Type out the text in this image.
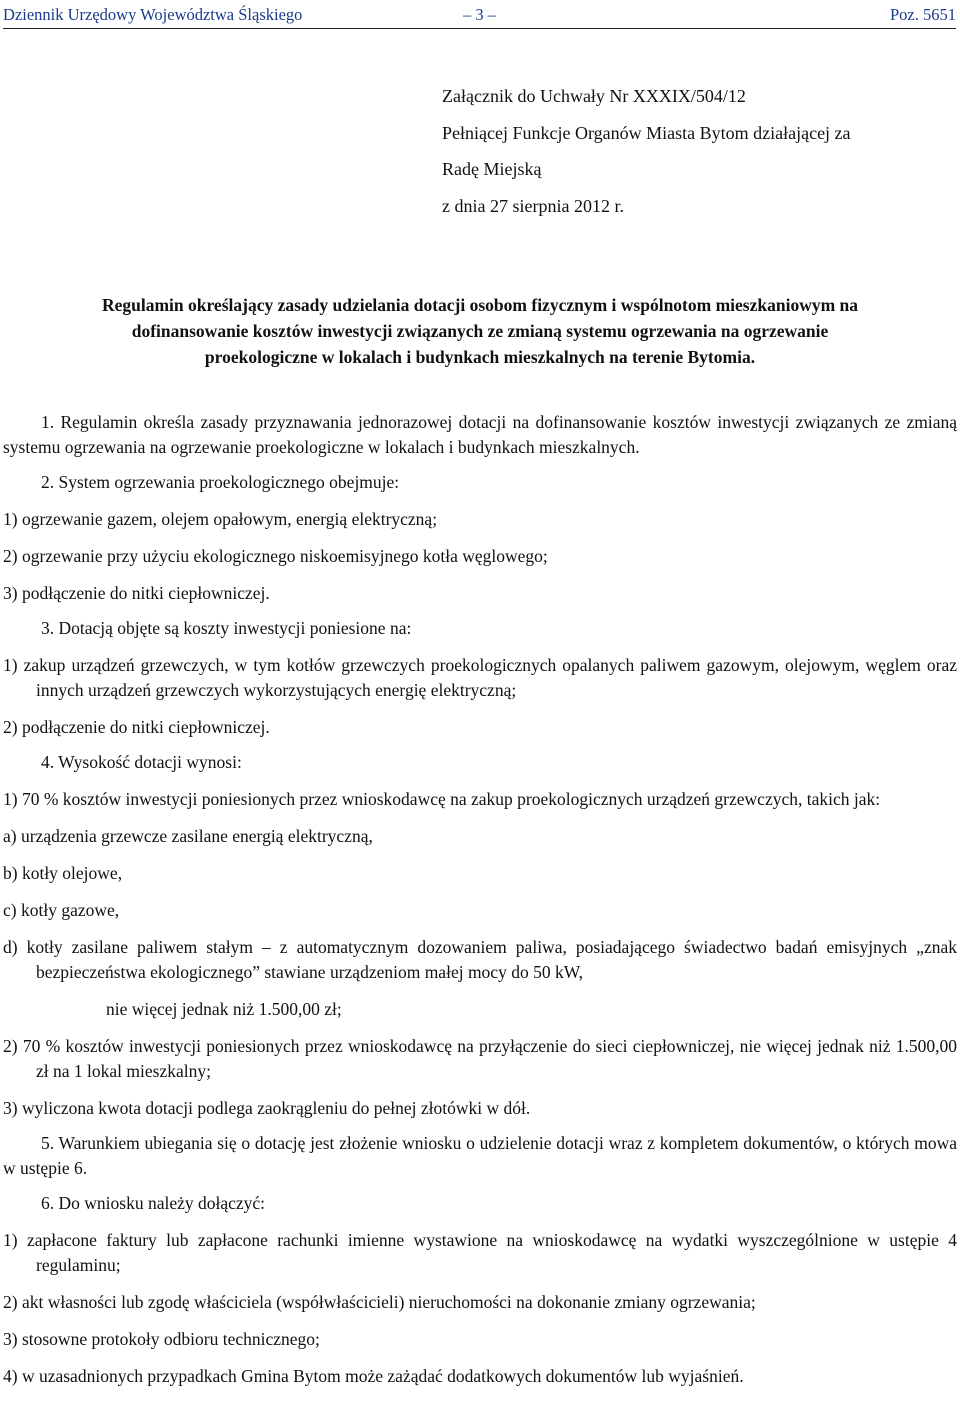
Dziennik Urzędowy Województwa Śląskiego	– 3 –	Poz. 5651
Załącznik do Uchwały Nr XXXIX/504/12
Pełniącej Funkcje Organów Miasta Bytom działającej za
Radę Miejską
z dnia 27 sierpnia 2012 r.
Regulamin określający zasady udzielania dotacji osobom fizycznym i wspólnotom mieszkaniowym na
dofinansowanie kosztów inwestycji związanych ze zmianą systemu ogrzewania na ogrzewanie
proekologiczne w lokalach i budynkach mieszkalnych na terenie Bytomia.

1. Regulamin określa zasady przyznawania jednorazowej dotacji na dofinansowanie kosztów inwestycji związanych ze zmianą systemu ogrzewania na ogrzewanie proekologiczne w lokalach i budynkach mieszkalnych.

2. System ogrzewania proekologicznego obejmuje:

1) ogrzewanie gazem, olejem opałowym, energią elektryczną;

2) ogrzewanie przy użyciu ekologicznego niskoemisyjnego kotła węglowego;

3) podłączenie do nitki ciepłowniczej.

3. Dotacją objęte są koszty inwestycji poniesione na:

1) zakup urządzeń grzewczych, w tym kotłów grzewczych proekologicznych opalanych paliwem gazowym, olejowym, węglem oraz innych urządzeń grzewczych wykorzystujących energię elektryczną;

2) podłączenie do nitki ciepłowniczej.

4. Wysokość dotacji wynosi:

1) 70 % kosztów inwestycji poniesionych przez wnioskodawcę na zakup proekologicznych urządzeń grzewczych, takich jak:

a) urządzenia grzewcze zasilane energią elektryczną,

b) kotły olejowe,

c) kotły gazowe,

d) kotły zasilane paliwem stałym – z automatycznym dozowaniem paliwa, posiadającego świadectwo badań emisyjnych „znak bezpieczeństwa ekologicznego” stawiane urządzeniom małej mocy do 50 kW,

nie więcej jednak niż 1.500,00 zł;

2) 70 % kosztów inwestycji poniesionych przez wnioskodawcę na przyłączenie do sieci ciepłowniczej, nie więcej jednak niż 1.500,00 zł na 1 lokal mieszkalny;

3) wyliczona kwota dotacji podlega zaokrągleniu do pełnej złotówki w dół.

5. Warunkiem ubiegania się o dotację jest złożenie wniosku o udzielenie dotacji wraz z kompletem dokumentów, o których mowa w ustępie 6.

6. Do wniosku należy dołączyć:

1) zapłacone faktury lub zapłacone rachunki imienne wystawione na wnioskodawcę na wydatki wyszczególnione w ustępie 4 regulaminu;

2) akt własności lub zgodę właściciela (współwłaścicieli) nieruchomości na dokonanie zmiany ogrzewania;

3) stosowne protokoły odbioru technicznego;

4) w uzasadnionych przypadkach Gmina Bytom może zażądać dodatkowych dokumentów lub wyjaśnień.
